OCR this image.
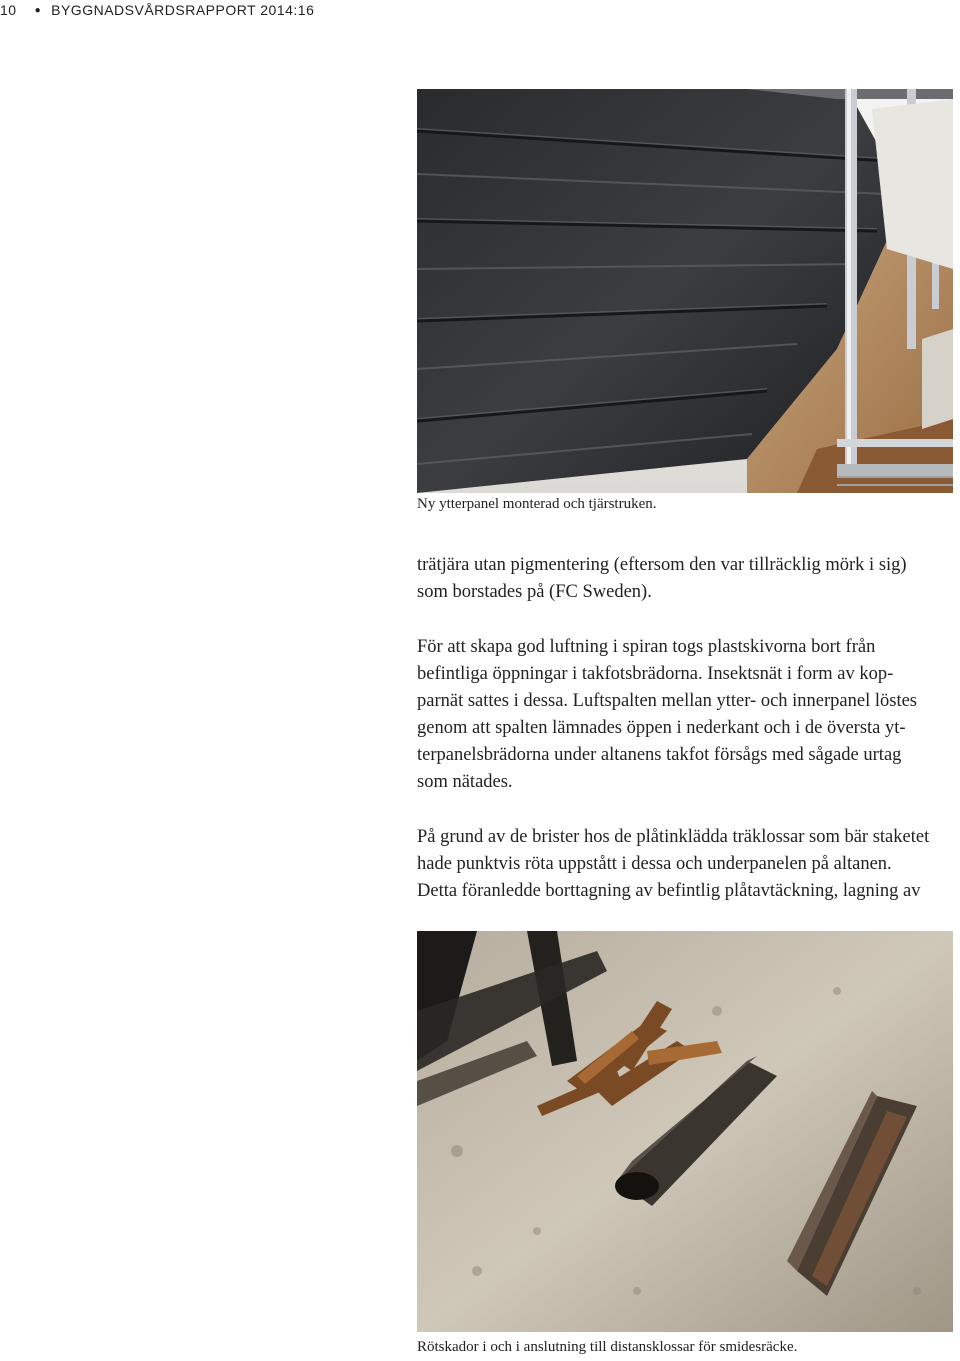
10 ● BYGGNADSVÅRDSRAPPORT 2014:16
Ny ytterpanel monterad och tjärstruken.

trätjära utan pigmentering (eftersom den var tillräcklig mörk i sig)

som borstades på (FC Sweden).

För att skapa god luftning i spiran togs plastskivorna bort från

befintliga öppningar i takfotsbrädorna. Insektsnät i form av kop-

parnät sattes i dessa. Luftspalten mellan ytter- och innerpanel löstes

genom att spalten lämnades öppen i nederkant och i de översta yt-

terpanelsbrädorna under altanens takfot försågs med sågade urtag

som nätades.

På grund av de brister hos de plåtinklädda träklossar som bär staketet

hade punktvis röta uppstått i dessa och underpanelen på altanen.

Detta föranledde borttagning av befintlig plåtavtäckning, lagning av

Rötskador i och i anslutning till distansklossar för smidesräcke.
